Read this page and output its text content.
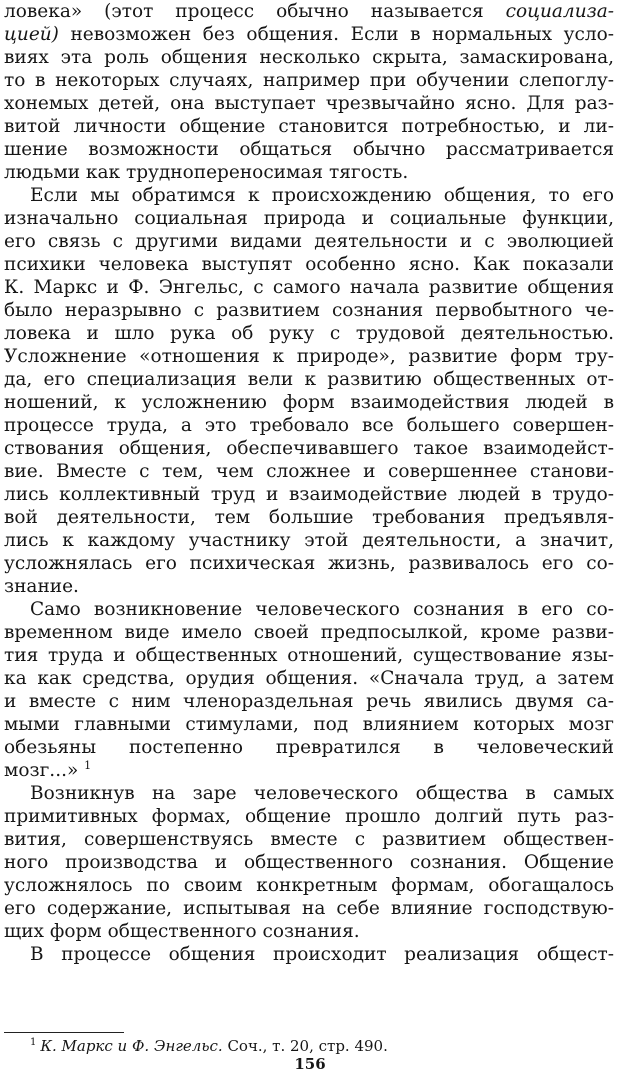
ловека» (этот процесс обычно называется социализа-
цией) невозможен без общения. Если в нормальных усло-
виях эта роль общения несколько скрыта, замаскирована,
то в некоторых случаях, например при обучении слепоглу-
хонемых детей, она выступает чрезвычайно ясно. Для раз-
витой личности общение становится потребностью, и ли-
шение возможности общаться обычно рассматривается
людьми как труднопереносимая тягость.
Если мы обратимся к происхождению общения, то его
изначально социальная природа и социальные функции,
его связь с другими видами деятельности и с эволюцией
психики человека выступят особенно ясно. Как показали
К. Маркс и Ф. Энгельс, с самого начала развитие общения
было неразрывно с развитием сознания первобытного че-
ловека и шло рука об руку с трудовой деятельностью.
Усложнение «отношения к природе», развитие форм тру-
да, его специализация вели к развитию общественных от-
ношений, к усложнению форм взаимодействия людей в
процессе труда, а это требовало все большего совершен-
ствования общения, обеспечивавшего такое взаимодейст-
вие. Вместе с тем, чем сложнее и совершеннее станови-
лись коллективный труд и взаимодействие людей в трудо-
вой деятельности, тем большие требования предъявля-
лись к каждому участнику этой деятельности, а значит,
усложнялась его психическая жизнь, развивалось его со-
знание.
Само возникновение человеческого сознания в его со-
временном виде имело своей предпосылкой, кроме разви-
тия труда и общественных отношений, существование язы-
ка как средства, орудия общения. «Сначала труд, а затем
и вместе с ним членораздельная речь явились двумя са-
мыми главными стимулами, под влиянием которых мозг
обезьяны постепенно превратился в человеческий
мозг...» $^1$
Возникнув на заре человеческого общества в самых
примитивных формах, общение прошло долгий путь раз-
вития, совершенствуясь вместе с развитием обществен-
ного производства и общественного сознания. Общение
усложнялось по своим конкретным формам, обогащалось
его содержание, испытывая на себе влияние господствую-
щих форм общественного сознания.
В процессе общения происходит реализация общест-
$^1$ К. Маркс и Ф. Энгельс. Соч., т. 20, стр. 490.
156
